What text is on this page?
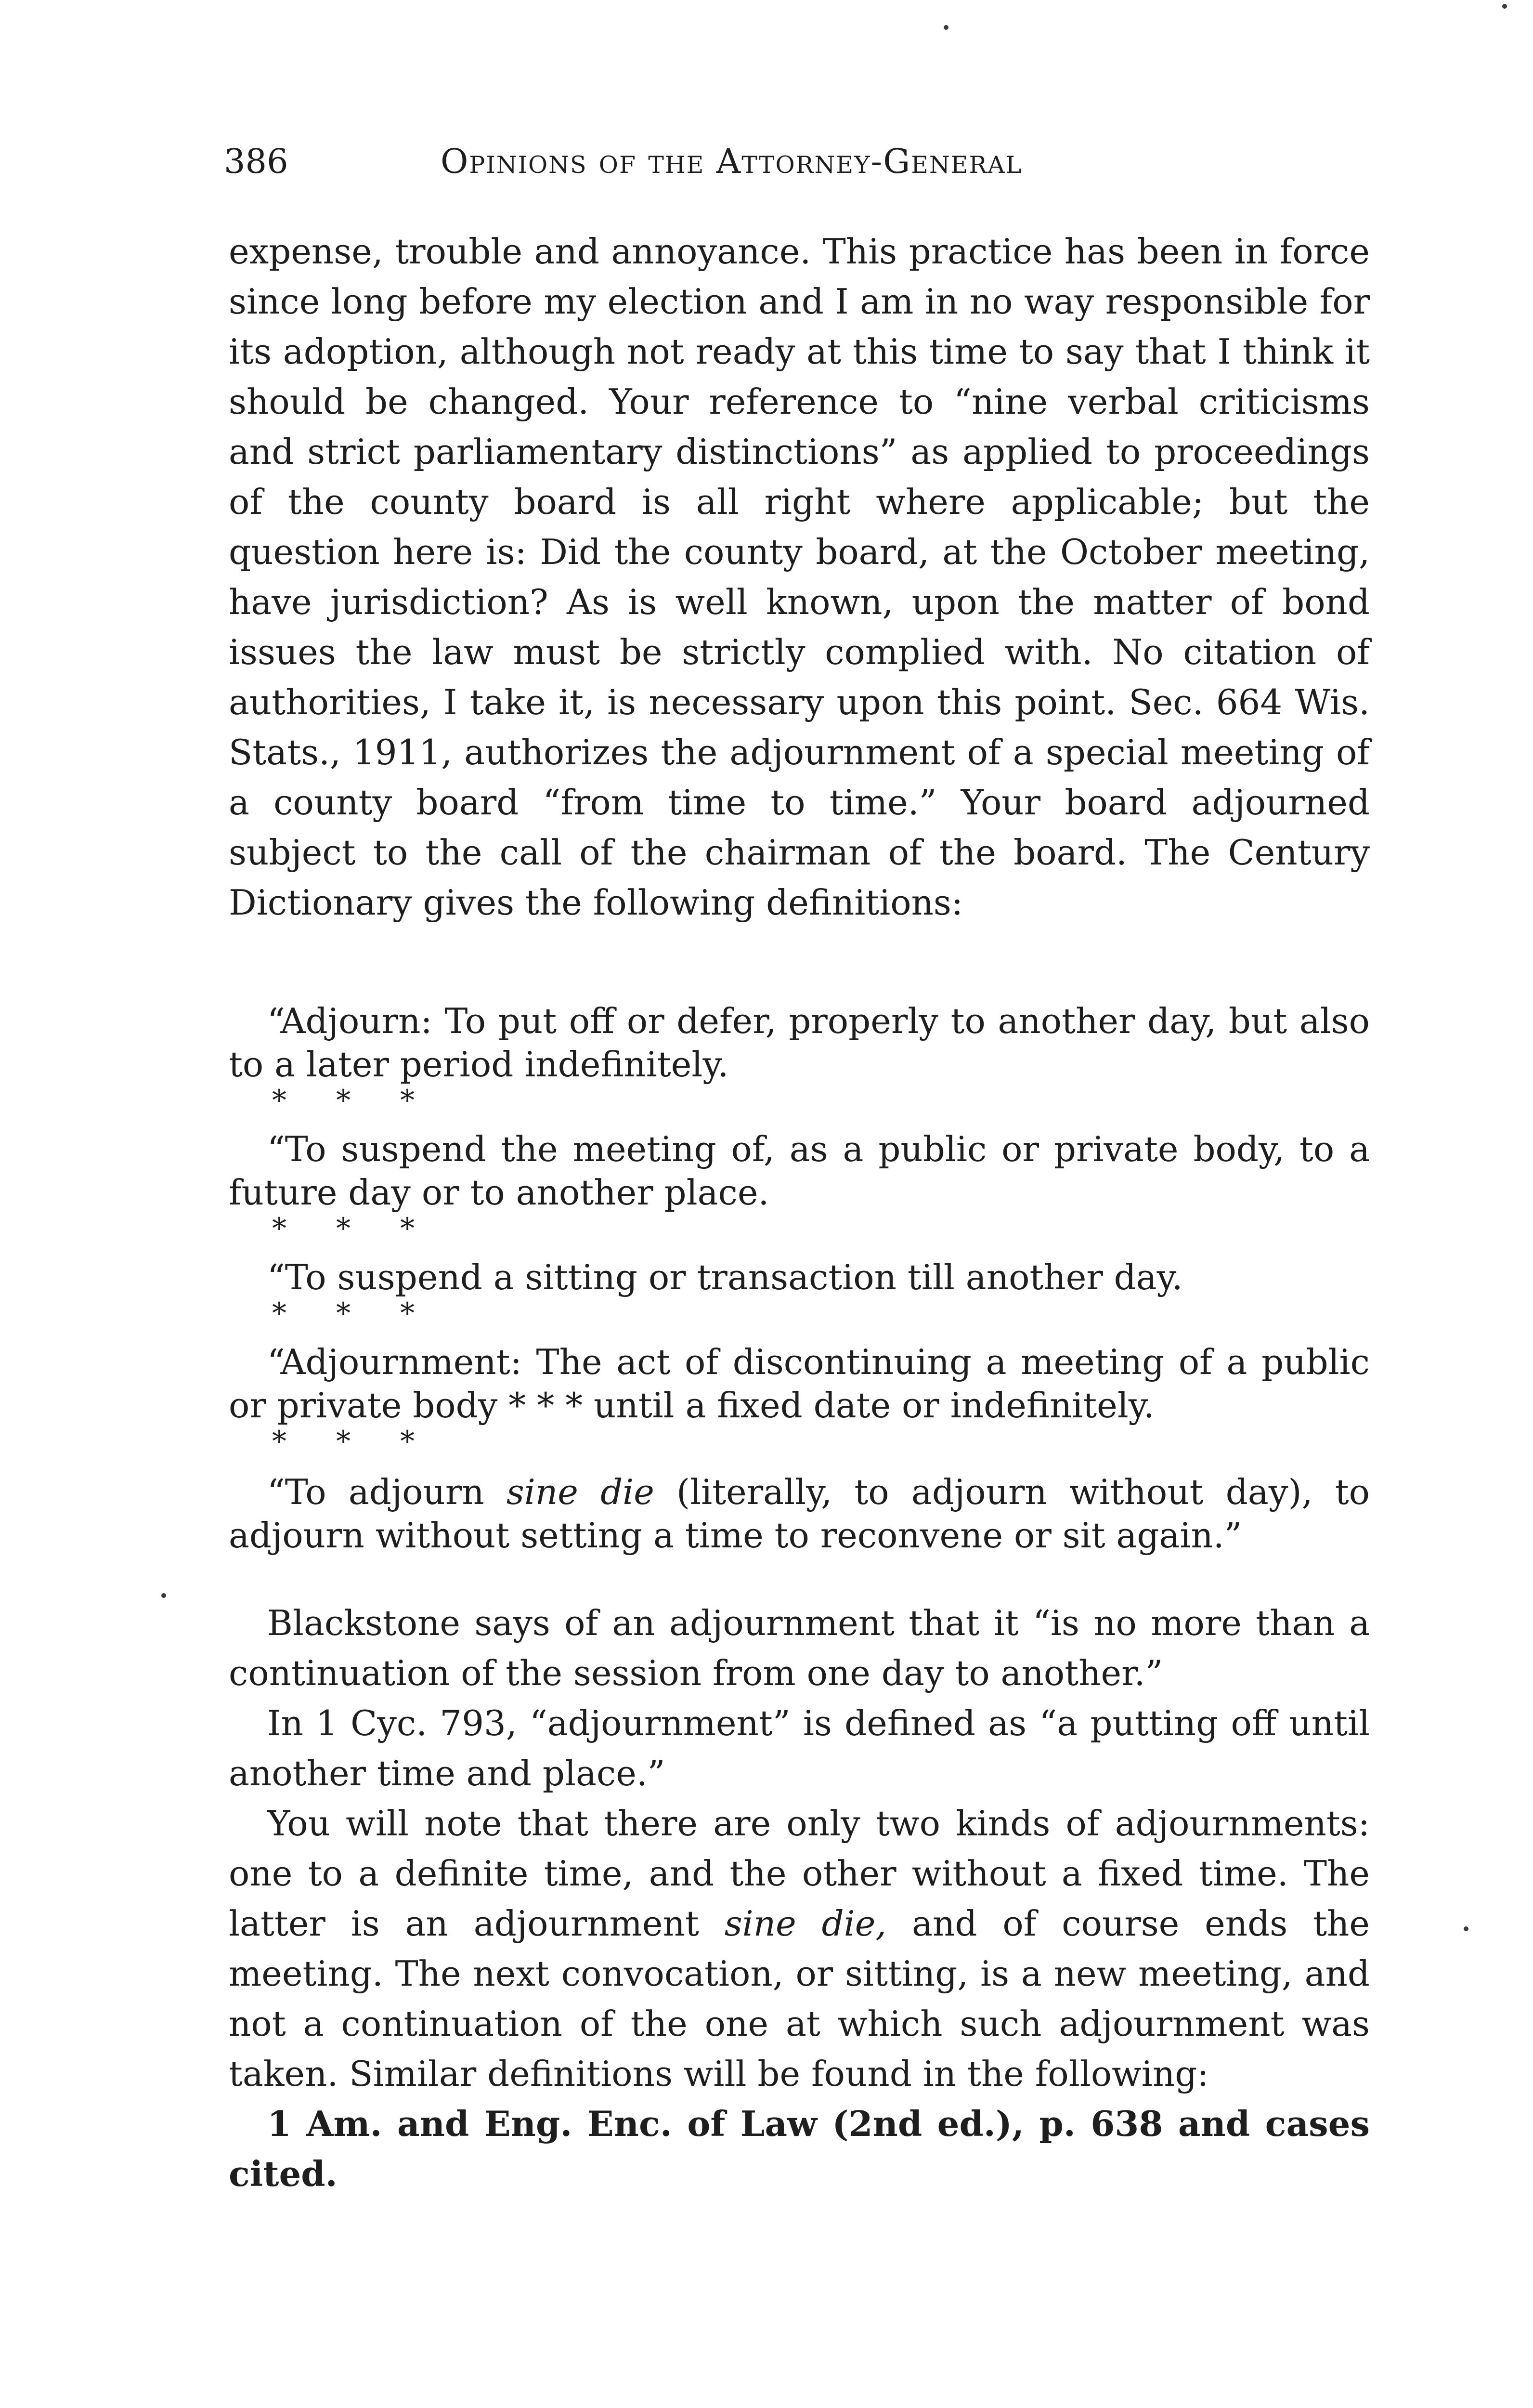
386	Opinions of the Attorney-General

expense, trouble and annoyance. This practice has been in force since long before my election and I am in no way responsible for its adoption, although not ready at this time to say that I think it should be changed. Your reference to “nine verbal criticisms and strict parliamentary distinctions” as applied to proceedings of the county board is all right where applicable; but the question here is: Did the county board, at the October meeting, have jurisdiction? As is well known, upon the matter of bond issues the law must be strictly complied with. No citation of authorities, I take it, is necessary upon this point. Sec. 664 Wis. Stats., 1911, authorizes the adjournment of a special meeting of a county board “from time to time.” Your board adjourned subject to the call of the chairman of the board. The Century Dictionary gives the following definitions:

“Adjourn: To put off or defer, properly to another day, but also to a later period indefinitely.

* * *

“To suspend the meeting of, as a public or private body, to a future day or to another place.

* * *

“To suspend a sitting or transaction till another day.

* * *

“Adjournment: The act of discontinuing a meeting of a public or private body * * * until a fixed date or indefinitely.

* * *

“To adjourn sine die (literally, to adjourn without day), to adjourn without setting a time to reconvene or sit again.”

Blackstone says of an adjournment that it “is no more than a continuation of the session from one day to another.”

In 1 Cyc. 793, “adjournment” is defined as “a putting off until another time and place.”

You will note that there are only two kinds of adjournments: one to a definite time, and the other without a fixed time. The latter is an adjournment sine die, and of course ends the meeting. The next convocation, or sitting, is a new meeting, and not a continuation of the one at which such adjournment was taken. Similar definitions will be found in the following:

1 Am. and Eng. Enc. of Law (2nd ed.), p. 638 and cases cited.
